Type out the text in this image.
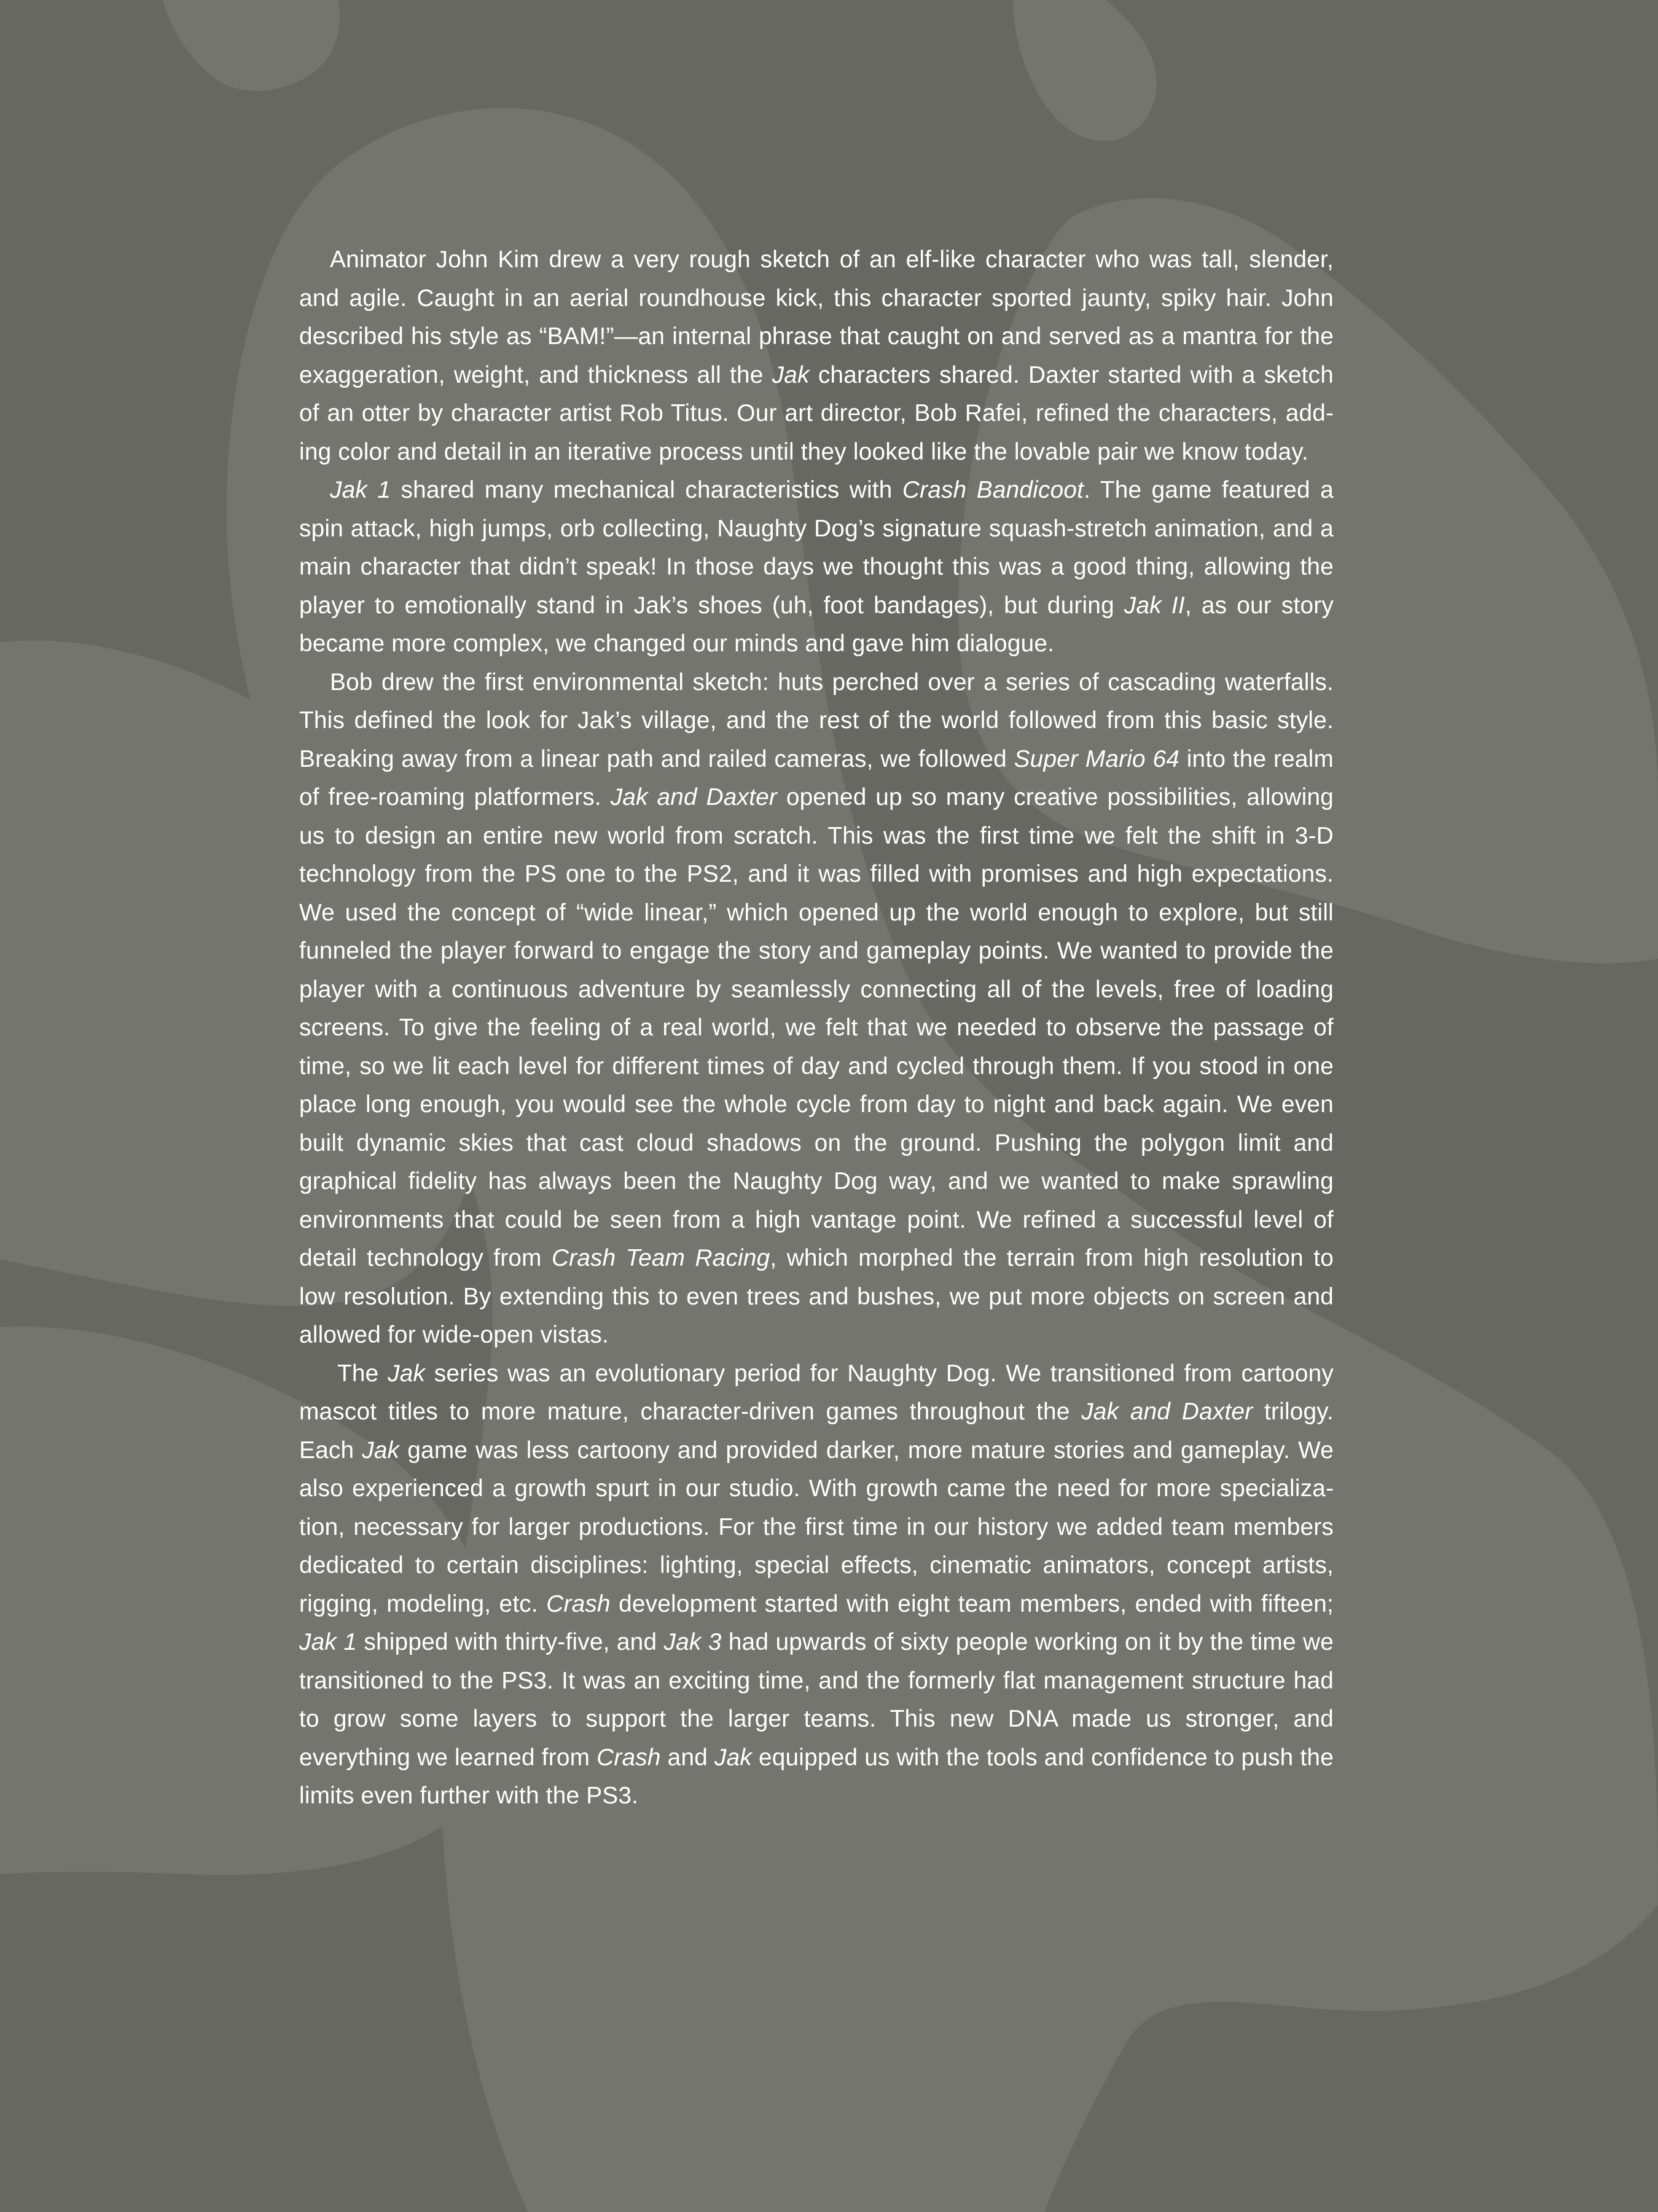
Animator John Kim drew a very rough sketch of an elf-like character who was tall, slender, and agile. Caught in an aerial roundhouse kick, this character sported jaunty, spiky hair. John described his style as “BAM!”—an internal phrase that caught on and served as a mantra for the exaggeration, weight, and thickness all the Jak characters shared. Daxter started with a sketch of an otter by character artist Rob Titus. Our art director, Bob Rafei, refined the characters, adding color and detail in an iterative process until they looked like the lovable pair we know today.

Jak 1 shared many mechanical characteristics with Crash Bandicoot. The game featured a spin attack, high jumps, orb collecting, Naughty Dog’s signature squash-stretch animation, and a main character that didn’t speak! In those days we thought this was a good thing, allowing the player to emotionally stand in Jak’s shoes (uh, foot bandages), but during Jak II, as our story became more complex, we changed our minds and gave him dialogue.

Bob drew the first environmental sketch: huts perched over a series of cascading waterfalls. This defined the look for Jak’s village, and the rest of the world followed from this basic style. Breaking away from a linear path and railed cameras, we followed Super Mario 64 into the realm of free-roaming platformers. Jak and Daxter opened up so many creative possibilities, allowing us to design an entire new world from scratch. This was the first time we felt the shift in 3-D technology from the PS one to the PS2, and it was filled with promises and high expectations. We used the concept of “wide linear,” which opened up the world enough to explore, but still funneled the player forward to engage the story and gameplay points. We wanted to provide the player with a continuous adventure by seamlessly connecting all of the levels, free of loading screens. To give the feeling of a real world, we felt that we needed to observe the passage of time, so we lit each level for different times of day and cycled through them. If you stood in one place long enough, you would see the whole cycle from day to night and back again. We even built dynamic skies that cast cloud shadows on the ground. Pushing the polygon limit and graphical fidelity has always been the Naughty Dog way, and we wanted to make sprawling environments that could be seen from a high vantage point. We refined a successful level of detail technology from Crash Team Racing, which morphed the terrain from high resolution to low resolution. By extending this to even trees and bushes, we put more objects on screen and allowed for wide-open vistas.

The Jak series was an evolutionary period for Naughty Dog. We transitioned from cartoony mascot titles to more mature, character-driven games throughout the Jak and Daxter trilogy. Each Jak game was less cartoony and provided darker, more mature stories and gameplay. We also experienced a growth spurt in our studio. With growth came the need for more specialization, necessary for larger productions. For the first time in our history we added team members dedicated to certain disciplines: lighting, special effects, cinematic animators, concept artists, rigging, modeling, etc. Crash development started with eight team members, ended with fifteen; Jak 1 shipped with thirty-five, and Jak 3 had upwards of sixty people working on it by the time we transitioned to the PS3. It was an exciting time, and the formerly flat management structure had to grow some layers to support the larger teams. This new DNA made us stronger, and everything we learned from Crash and Jak equipped us with the tools and confidence to push the limits even further with the PS3.
